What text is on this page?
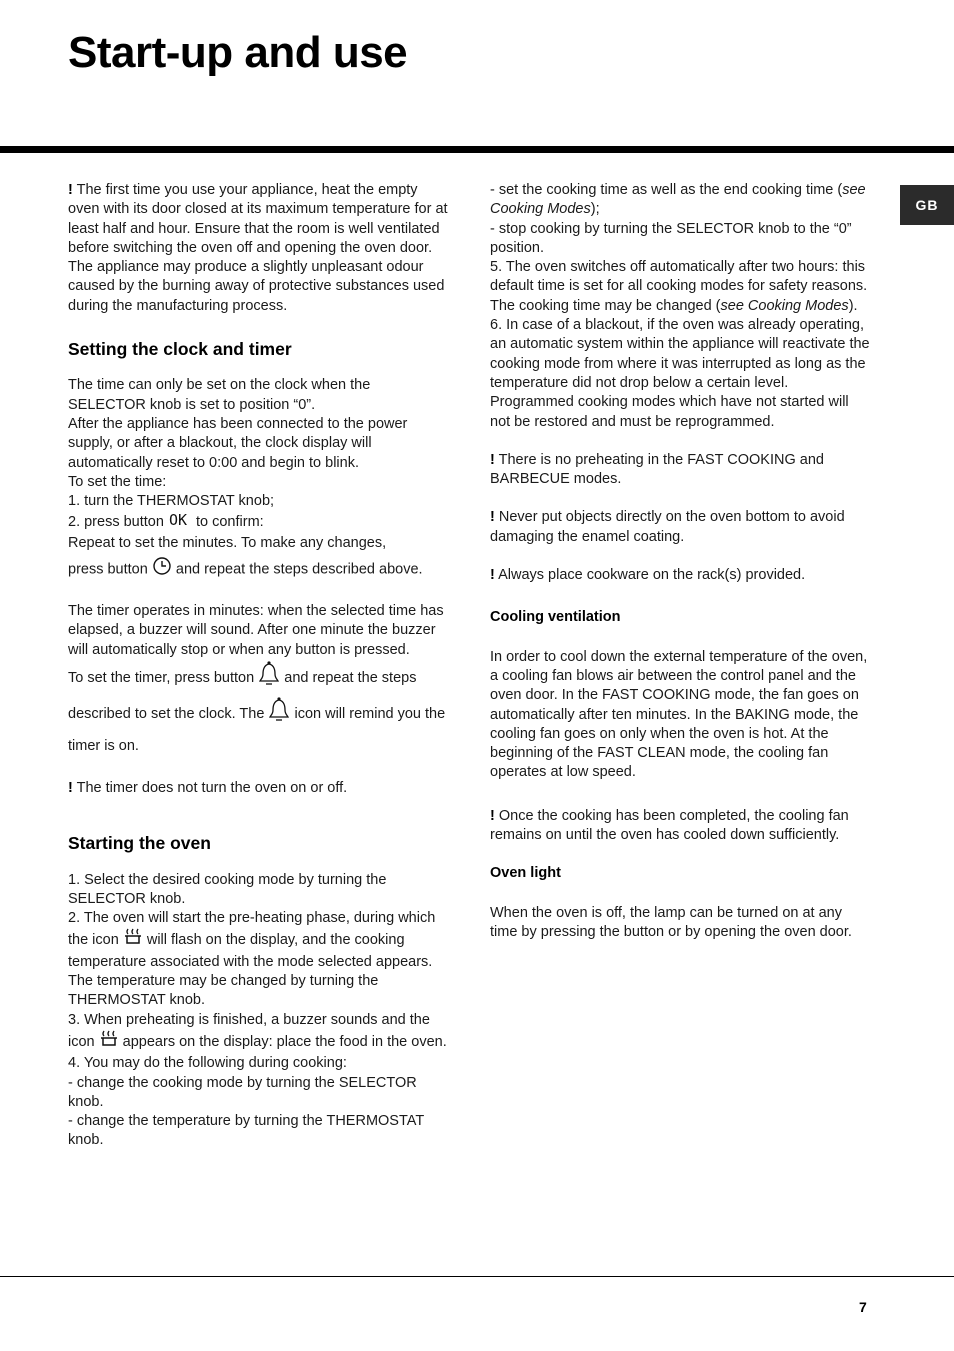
Start-up and use
GB

! The first time you use your appliance, heat the empty oven with its door closed at its maximum temperature for at least half and hour. Ensure that the room is well ventilated before switching the oven off and opening the oven door. The appliance may produce a slightly unpleasant odour caused by the burning away of protective substances used during the manufacturing process.

Setting the clock and timer

The time can only be set on the clock when the SELECTOR knob is set to position “0”.

After the appliance has been connected to the power supply, or after a blackout, the clock display will automatically reset to 0:00 and begin to blink.

To set the time:

1. turn the THERMOSTAT knob;

2. press button OK to confirm:

Repeat to set the minutes. To make any changes,

press button and repeat the steps described above.

The timer operates in minutes: when the selected time has elapsed, a buzzer will sound. After one minute the buzzer will automatically stop or when any button is pressed.

To set the timer, press button and repeat the steps described to set the clock. The icon will remind you the timer is on.

! The timer does not turn the oven on or off.

Starting the oven

1. Select the desired cooking mode by turning the SELECTOR knob.

2. The oven will start the pre-heating phase, during which the icon will flash on the display, and the cooking temperature associated with the mode selected appears.

The temperature may be changed by turning the THERMOSTAT knob.

3. When preheating is finished, a buzzer sounds and the icon appears on the display: place the food in the oven.

4. You may do the following during cooking:

- change the cooking mode by turning the SELECTOR knob.

- change the temperature by turning the THERMOSTAT knob.

- set the cooking time as well as the end cooking time (see Cooking Modes);

- stop cooking by turning the SELECTOR knob to the “0” position.

5. The oven switches off automatically after two hours: this default time is set for all cooking modes for safety reasons.

The cooking time may be changed (see Cooking Modes).

6. In case of a blackout, if the oven was already operating, an automatic system within the appliance will reactivate the cooking mode from where it was interrupted as long as the temperature did not drop below a certain level. Programmed cooking modes which have not started will not be restored and must be reprogrammed.

! There is no preheating in the FAST COOKING and BARBECUE modes.

! Never put objects directly on the oven bottom to avoid damaging the enamel coating.

! Always place cookware on the rack(s) provided.

Cooling ventilation

In order to cool down the external temperature of the oven, a cooling fan blows air between the control panel and the oven door. In the FAST COOKING mode, the fan goes on automatically after ten minutes. In the BAKING mode, the cooling fan goes on only when the oven is hot. At the beginning of the FAST CLEAN mode, the cooling fan operates at low speed.

! Once the cooking has been completed, the cooling fan remains on until the oven has cooled down sufficiently.

Oven light

When the oven is off, the lamp can be turned on at any time by pressing the button or by opening the oven door.

7
